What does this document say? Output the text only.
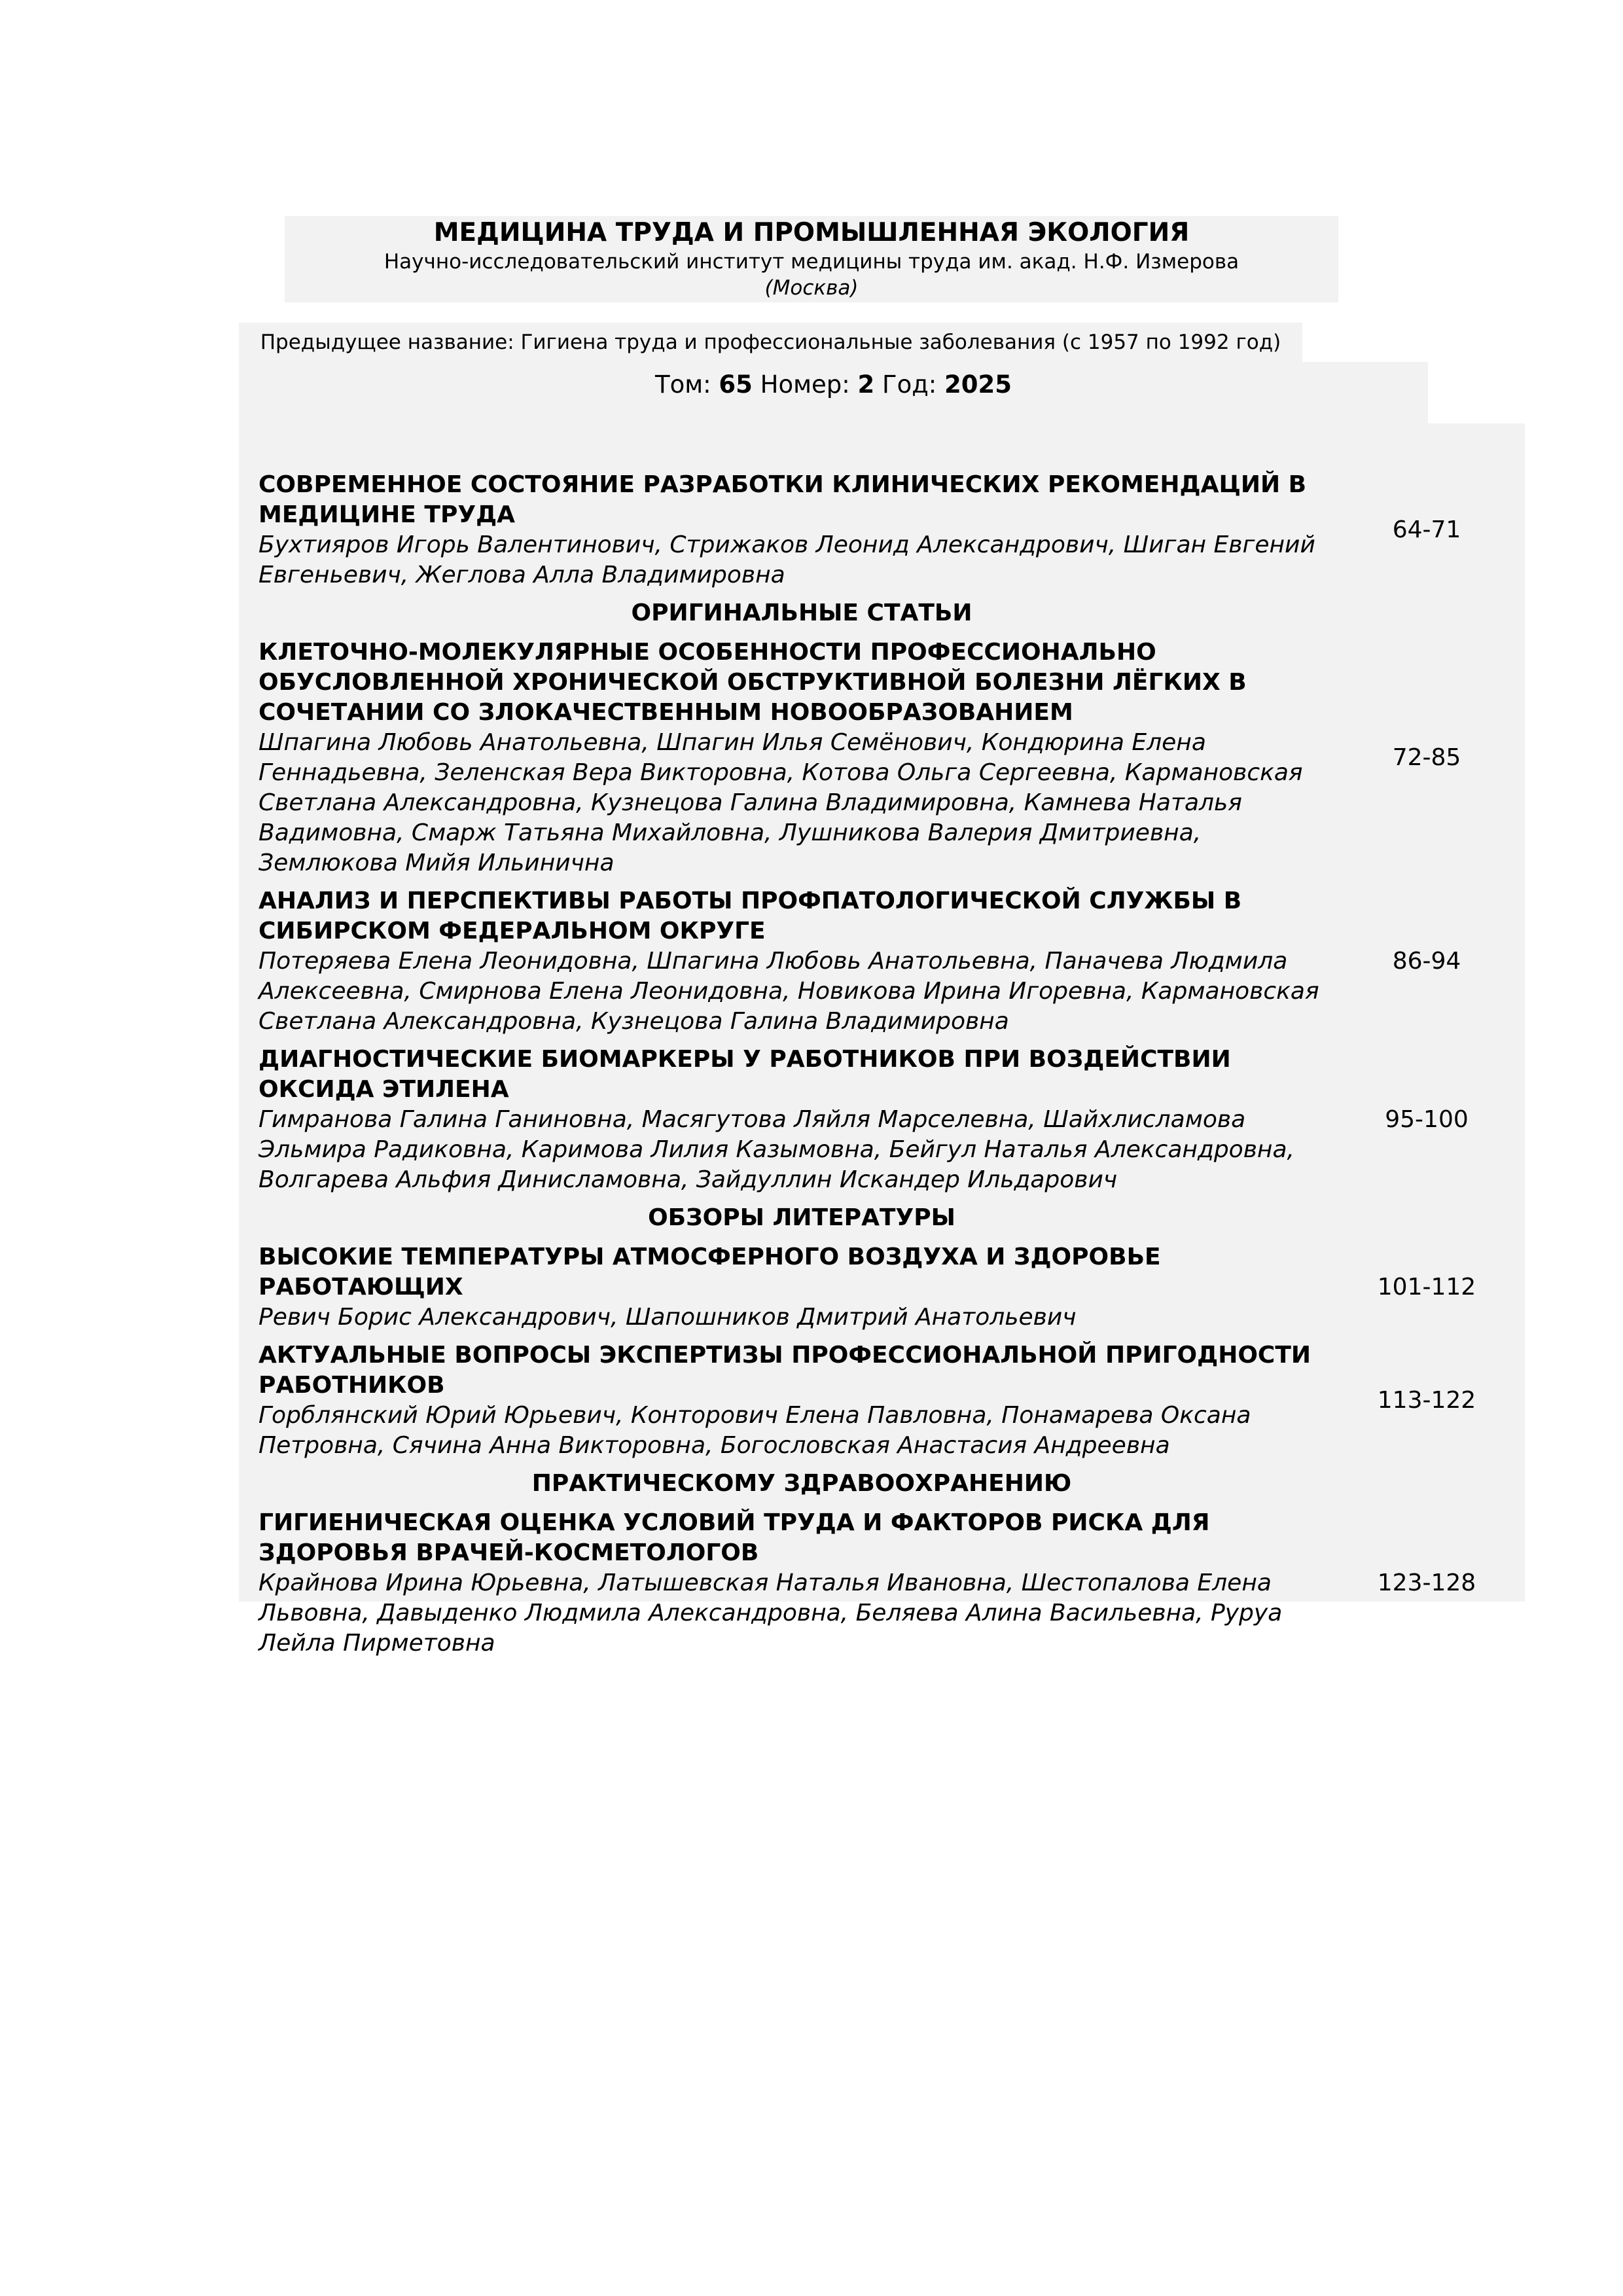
МЕДИЦИНА ТРУДА И ПРОМЫШЛЕННАЯ ЭКОЛОГИЯ
Научно-исследовательский институт медицины труда им. акад. Н.Ф. Измерова
(Москва)
Предыдущее название: Гигиена труда и профессиональные заболевания (с 1957 по 1992 год)
Том: 65 Номер: 2 Год: 2025
СОВРЕМЕННОЕ СОСТОЯНИЕ РАЗРАБОТКИ КЛИНИЧЕСКИХ РЕКОМЕНДАЦИЙ В МЕДИЦИНЕ ТРУДА
Бухтияров Игорь Валентинович, Стрижаков Леонид Александрович, Шиган Евгений Евгеньевич, Жеглова Алла Владимировна
64-71
ОРИГИНАЛЬНЫЕ СТАТЬИ
КЛЕТОЧНО-МОЛЕКУЛЯРНЫЕ ОСОБЕННОСТИ ПРОФЕССИОНАЛЬНО ОБУСЛОВЛЕННОЙ ХРОНИЧЕСКОЙ ОБСТРУКТИВНОЙ БОЛЕЗНИ ЛЁГКИХ В СОЧЕТАНИИ СО ЗЛОКАЧЕСТВЕННЫМ НОВООБРАЗОВАНИЕМ
Шпагина Любовь Анатольевна, Шпагин Илья Семёнович, Кондюрина Елена Геннадьевна, Зеленская Вера Викторовна, Котова Ольга Сергеевна, Кармановская Светлана Александровна, Кузнецова Галина Владимировна, Камнева Наталья Вадимовна, Смарж Татьяна Михайловна, Лушникова Валерия Дмитриевна, Землюкова Мийя Ильинична
72-85
АНАЛИЗ И ПЕРСПЕКТИВЫ РАБОТЫ ПРОФПАТОЛОГИЧЕСКОЙ СЛУЖБЫ В СИБИРСКОМ ФЕДЕРАЛЬНОМ ОКРУГЕ
Потеряева Елена Леонидовна, Шпагина Любовь Анатольевна, Паначева Людмила Алексеевна, Смирнова Елена Леонидовна, Новикова Ирина Игоревна, Кармановская Светлана Александровна, Кузнецова Галина Владимировна
86-94
ДИАГНОСТИЧЕСКИЕ БИОМАРКЕРЫ У РАБОТНИКОВ ПРИ ВОЗДЕЙСТВИИ ОКСИДА ЭТИЛЕНА
Гимранова Галина Ганиновна, Масягутова Ляйля Марселевна, Шайхлисламова Эльмира Радиковна, Каримова Лилия Казымовна, Бейгул Наталья Александровна, Волгарева Альфия Динисламовна, Зайдуллин Искандер Ильдарович
95-100
ОБЗОРЫ ЛИТЕРАТУРЫ
ВЫСОКИЕ ТЕМПЕРАТУРЫ АТМОСФЕРНОГО ВОЗДУХА И ЗДОРОВЬЕ РАБОТАЮЩИХ
Ревич Борис Александрович, Шапошников Дмитрий Анатольевич
101-112
АКТУАЛЬНЫЕ ВОПРОСЫ ЭКСПЕРТИЗЫ ПРОФЕССИОНАЛЬНОЙ ПРИГОДНОСТИ РАБОТНИКОВ
Горблянский Юрий Юрьевич, Конторович Елена Павловна, Понамарева Оксана Петровна, Сячина Анна Викторовна, Богословская Анастасия Андреевна
113-122
ПРАКТИЧЕСКОМУ ЗДРАВООХРАНЕНИЮ
ГИГИЕНИЧЕСКАЯ ОЦЕНКА УСЛОВИЙ ТРУДА И ФАКТОРОВ РИСКА ДЛЯ ЗДОРОВЬЯ ВРАЧЕЙ-КОСМЕТОЛОГОВ
Крайнова Ирина Юрьевна, Латышевская Наталья Ивановна, Шестопалова Елена Львовна, Давыденко Людмила Александровна, Беляева Алина Васильевна, Руруа Лейла Пирметовна
123-128
